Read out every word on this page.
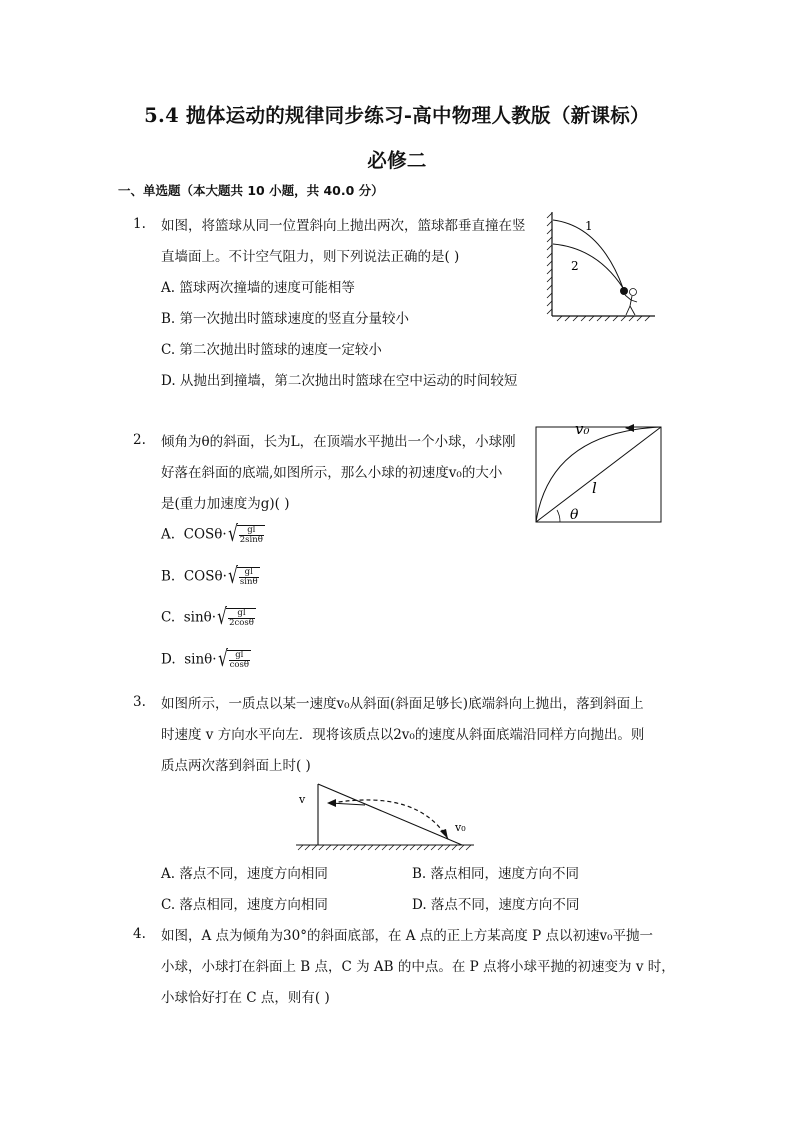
5.4 抛体运动的规律同步练习-高中物理人教版（新课标）
必修二
一、单选题（本大题共 10 小题，共 40.0 分）
1. 如图，将篮球从同一位置斜向上抛出两次，篮球都垂直撞在竖
直墙面上。不计空气阻力，则下列说法正确的是( )
A. 篮球两次撞墙的速度可能相等
B. 第一次抛出时篮球速度的竖直分量较小
C. 第二次抛出时篮球的速度一定较小
D. 从抛出到撞墙，第二次抛出时篮球在空中运动的时间较短
1
2
2. 倾角为θ的斜面，长为L，在顶端水平抛出一个小球，小球刚
好落在斜面的底端,如图所示，那么小球的初速度v₀的大小
是(重力加速度为g)( )
A. $COS\theta\cdot√ \frac{gl}{2\sin\theta}$
B. $COS\theta\cdot√ \frac{gl}{\sin\theta}$
C. $\sin\theta\cdot√ \frac{gl}{2\cos\theta}$
D. $\sin\theta\cdot√ \frac{gl}{\cos\theta}$
v₀
l
θ
3. 如图所示，一质点以某一速度v₀从斜面(斜面足够长)底端斜向上抛出，落到斜面上
时速度 v 方向水平向左．现将该质点以2v₀的速度从斜面底端沿同样方向抛出。则
质点两次落到斜面上时( )
v
v₀
A. 落点不同，速度方向相同	B. 落点相同，速度方向不同
C. 落点相同，速度方向相同	D. 落点不同，速度方向不同
4. 如图，A 点为倾角为30°的斜面底部，在 A 点的正上方某高度 P 点以初速v₀平抛一
小球，小球打在斜面上 B 点，C 为 AB 的中点。在 P 点将小球平抛的初速变为 v 时，
小球恰好打在 C 点，则有( )
